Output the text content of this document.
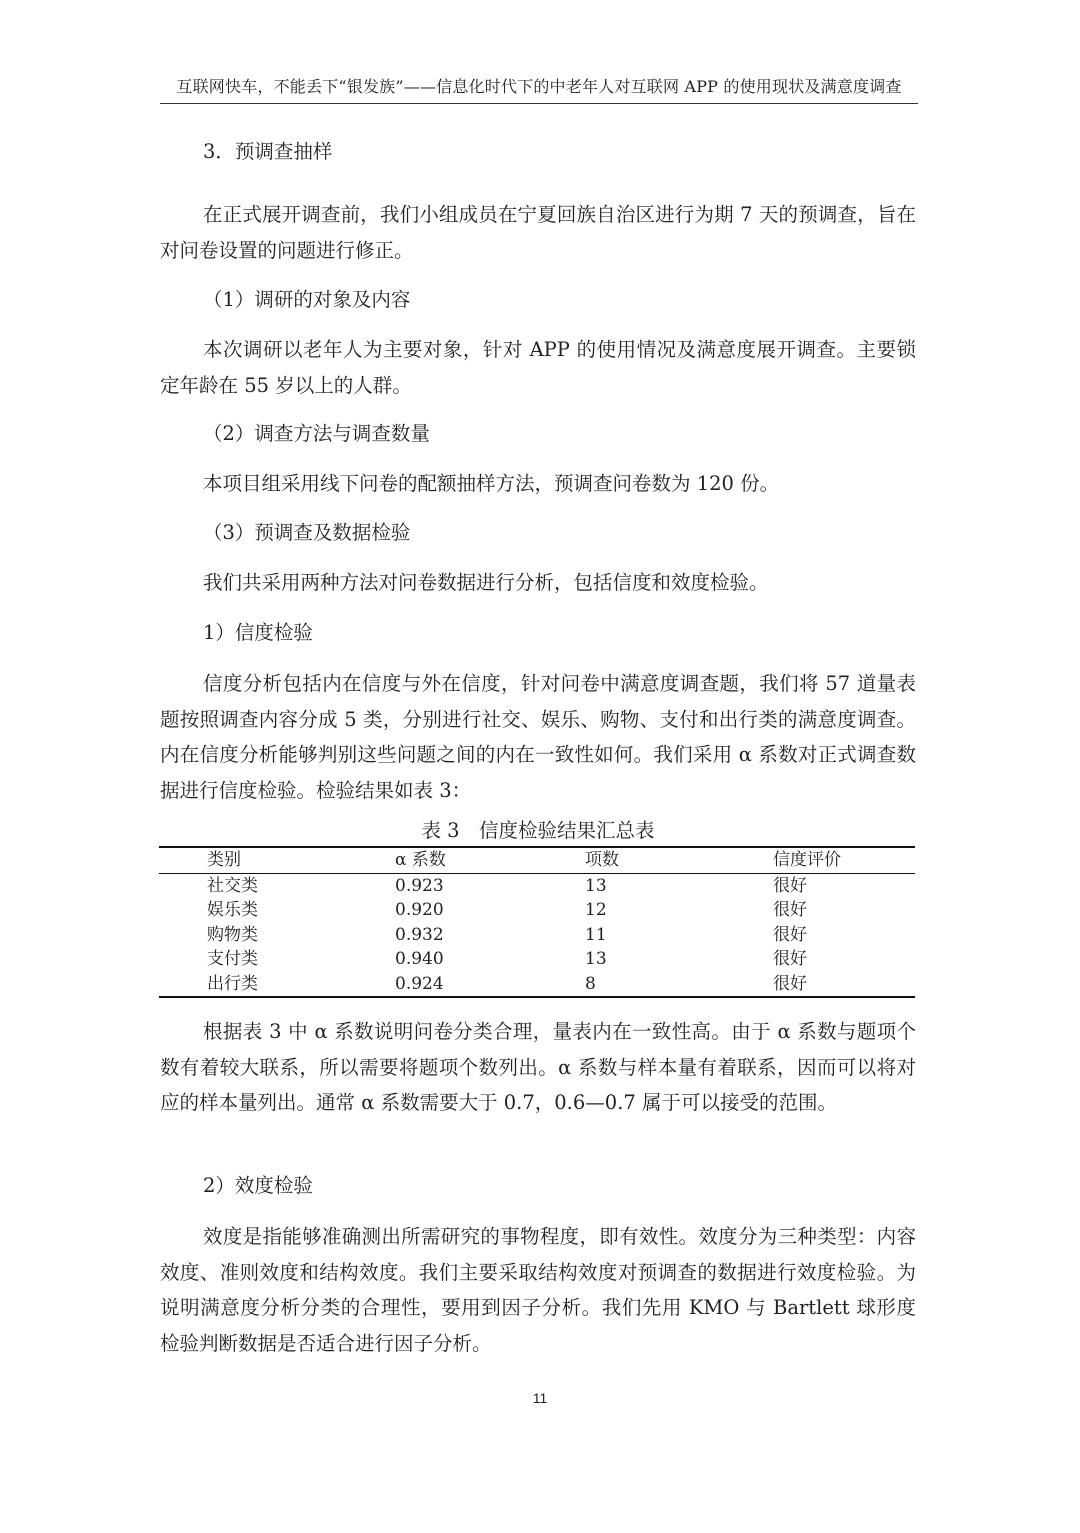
互联网快车，不能丢下“银发族”——信息化时代下的中老年人对互联网 APP 的使用现状及满意度调查
3．预调查抽样

在正式展开调查前，我们小组成员在宁夏回族自治区进行为期 7 天的预调查，旨在对问卷设置的问题进行修正。

（1）调研的对象及内容

本次调研以老年人为主要对象，针对 APP 的使用情况及满意度展开调查。主要锁定年龄在 55 岁以上的人群。

（2）调查方法与调查数量
本项目组采用线下问卷的配额抽样方法，预调查问卷数为 120 份。
（3）预调查及数据检验
我们共采用两种方法对问卷数据进行分析，包括信度和效度检验。
1）信度检验

信度分析包括内在信度与外在信度，针对问卷中满意度调查题，我们将 57 道量表题按照调查内容分成 5 类，分别进行社交、娱乐、购物、支付和出行类的满意度调查。内在信度分析能够判别这些问题之间的内在一致性如何。我们采用 α 系数对正式调查数据进行信度检验。检验结果如表 3：

表 3　信度检验结果汇总表
类别	α 系数	项数	信度评价
社交类	0.923	13	很好
娱乐类	0.920	12	很好
购物类	0.932	11	很好
支付类	0.940	13	很好
出行类	0.924	8	很好

根据表 3 中 α 系数说明问卷分类合理，量表内在一致性高。由于 α 系数与题项个数有着较大联系，所以需要将题项个数列出。α 系数与样本量有着联系，因而可以将对应的样本量列出。通常 α 系数需要大于 0.7，0.6—0.7 属于可以接受的范围。

2）效度检验

效度是指能够准确测出所需研究的事物程度，即有效性。效度分为三种类型：内容效度、准则效度和结构效度。我们主要采取结构效度对预调查的数据进行效度检验。为说明满意度分析分类的合理性，要用到因子分析。我们先用 KMO 与 Bartlett 球形度检验判断数据是否适合进行因子分析。

11
